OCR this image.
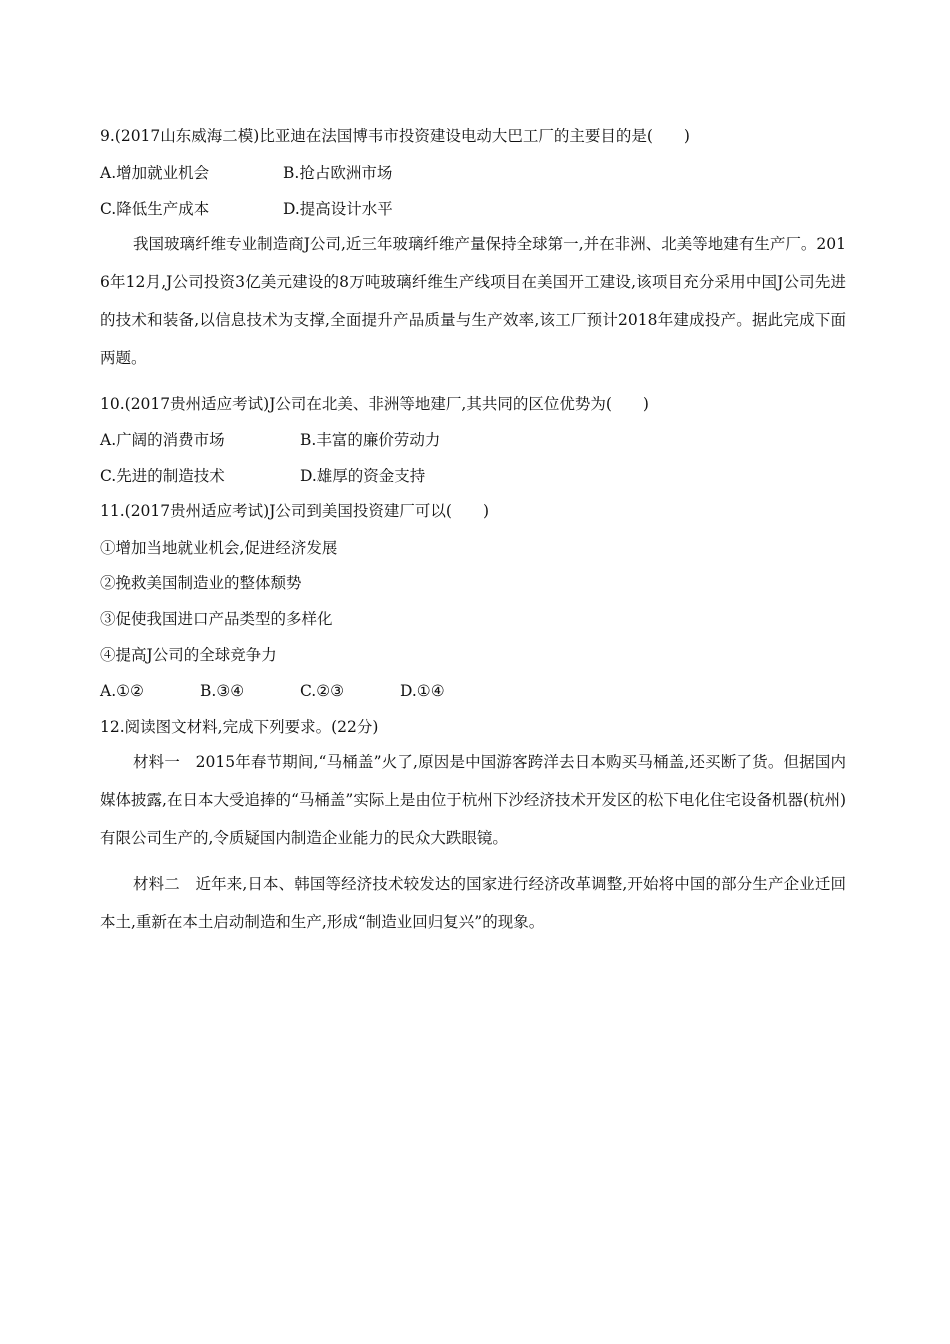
9.(2017山东威海二模)比亚迪在法国博韦市投资建设电动大巴工厂的主要目的是(　　)
A.增加就业机会	B.抢占欧洲市场
C.降低生产成本	D.提高设计水平
我国玻璃纤维专业制造商J公司,近三年玻璃纤维产量保持全球第一,并在非洲、北美等地建有生产厂。2016年12月,J公司投资3亿美元建设的8万吨玻璃纤维生产线项目在美国开工建设,该项目充分采用中国J公司先进的技术和装备,以信息技术为支撑,全面提升产品质量与生产效率,该工厂预计2018年建成投产。据此完成下面两题。
10.(2017贵州适应考试)J公司在北美、非洲等地建厂,其共同的区位优势为(　　)
A.广阔的消费市场	B.丰富的廉价劳动力
C.先进的制造技术	D.雄厚的资金支持
11.(2017贵州适应考试)J公司到美国投资建厂可以(　　)
①增加当地就业机会,促进经济发展
②挽救美国制造业的整体颓势
③促使我国进口产品类型的多样化
④提高J公司的全球竞争力
A.①②	B.③④	C.②③	D.①④
12.阅读图文材料,完成下列要求。(22分)
材料一　2015年春节期间,“马桶盖”火了,原因是中国游客跨洋去日本购买马桶盖,还买断了货。但据国内媒体披露,在日本大受追捧的“马桶盖”实际上是由位于杭州下沙经济技术开发区的松下电化住宅设备机器(杭州)有限公司生产的,令质疑国内制造企业能力的民众大跌眼镜。
材料二　近年来,日本、韩国等经济技术较发达的国家进行经济改革调整,开始将中国的部分生产企业迁回本土,重新在本土启动制造和生产,形成“制造业回归复兴”的现象。
